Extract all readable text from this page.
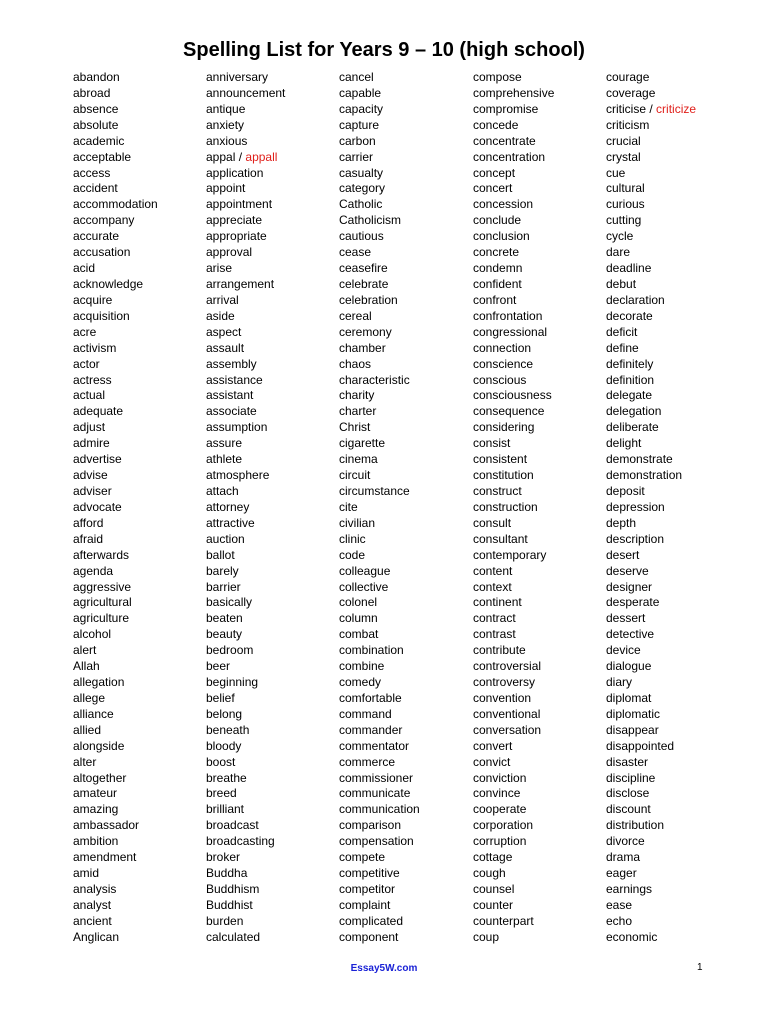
Spelling List for Years 9 – 10 (high school)
abandon
abroad
absence
absolute
academic
acceptable
access
accident
accommodation
accompany
accurate
accusation
acid
acknowledge
acquire
acquisition
acre
activism
actor
actress
actual
adequate
adjust
admire
advertise
advise
adviser
advocate
afford
afraid
afterwards
agenda
aggressive
agricultural
agriculture
alcohol
alert
Allah
allegation
allege
alliance
allied
alongside
alter
altogether
amateur
amazing
ambassador
ambition
amendment
amid
analysis
analyst
ancient
Anglican
anniversary
announcement
antique
anxiety
anxious
appal / appall
application
appoint
appointment
appreciate
appropriate
approval
arise
arrangement
arrival
aside
aspect
assault
assembly
assistance
assistant
associate
assumption
assure
athlete
atmosphere
attach
attorney
attractive
auction
ballot
barely
barrier
basically
beaten
beauty
bedroom
beer
beginning
belief
belong
beneath
bloody
boost
breathe
breed
brilliant
broadcast
broadcasting
broker
Buddha
Buddhism
Buddhist
burden
calculated
cancel
capable
capacity
capture
carbon
carrier
casualty
category
Catholic
Catholicism
cautious
cease
ceasefire
celebrate
celebration
cereal
ceremony
chamber
chaos
characteristic
charity
charter
Christ
cigarette
cinema
circuit
circumstance
cite
civilian
clinic
code
colleague
collective
colonel
column
combat
combination
combine
comedy
comfortable
command
commander
commentator
commerce
commissioner
communicate
communication
comparison
compensation
compete
competitive
competitor
complaint
complicated
component
compose
comprehensive
compromise
concede
concentrate
concentration
concept
concert
concession
conclude
conclusion
concrete
condemn
confident
confront
confrontation
congressional
connection
conscience
conscious
consciousness
consequence
considering
consist
consistent
constitution
construct
construction
consult
consultant
contemporary
content
context
continent
contract
contrast
contribute
controversial
controversy
convention
conventional
conversation
convert
convict
conviction
convince
cooperate
corporation
corruption
cottage
cough
counsel
counter
counterpart
coup
courage
coverage
criticise / criticize
criticism
crucial
crystal
cue
cultural
curious
cutting
cycle
dare
deadline
debut
declaration
decorate
deficit
define
definitely
definition
delegate
delegation
deliberate
delight
demonstrate
demonstration
deposit
depression
depth
description
desert
deserve
designer
desperate
dessert
detective
device
dialogue
diary
diplomat
diplomatic
disappear
disappointed
disaster
discipline
disclose
discount
distribution
divorce
drama
eager
earnings
ease
echo
economic
Essay5W.com	1
